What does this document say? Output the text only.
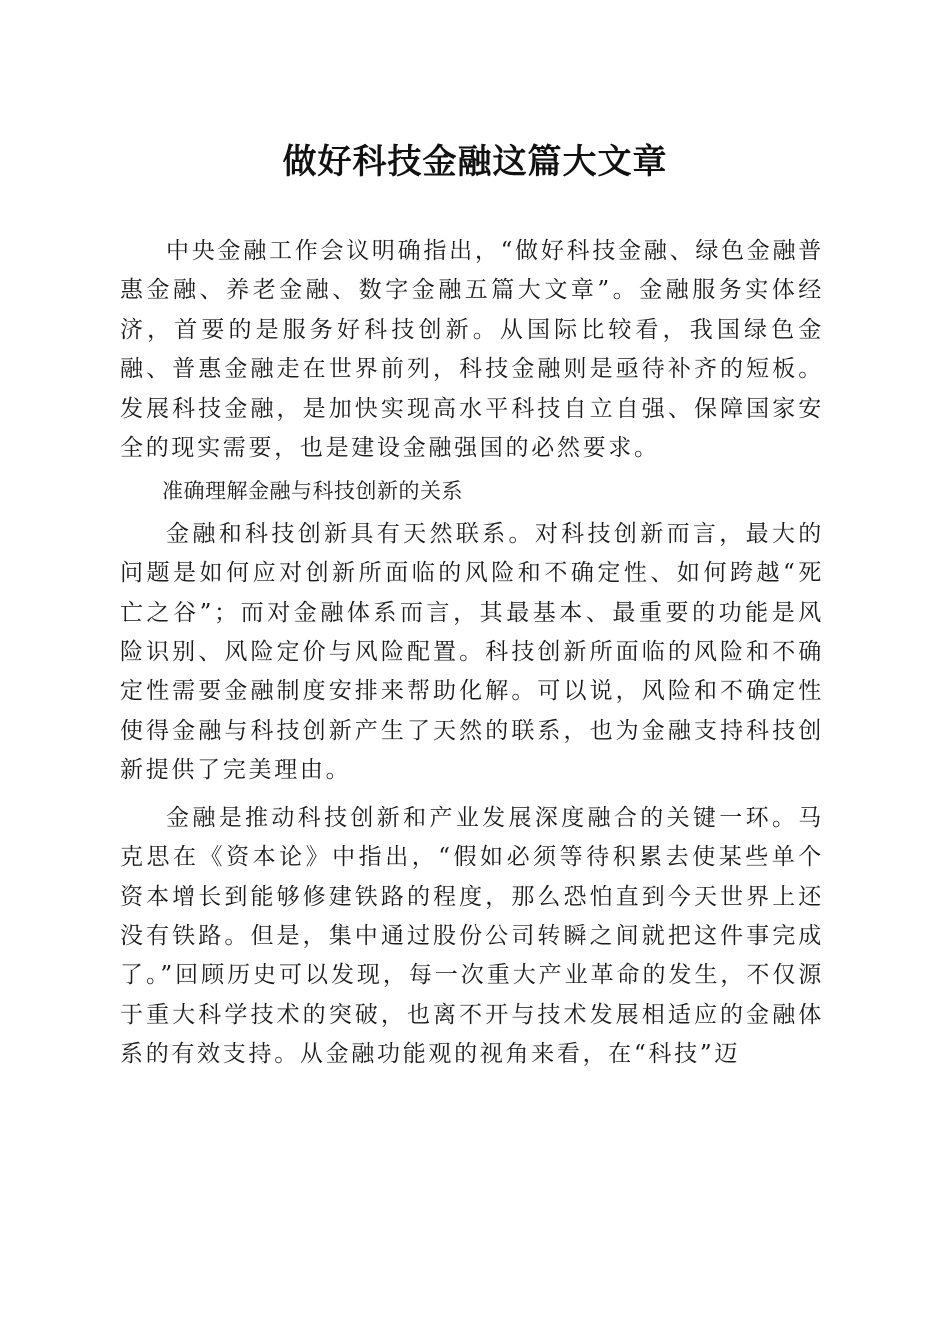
做好科技金融这篇大文章

中央金融工作会议明确指出，“做好科技金融、绿色金融普惠金融、养老金融、数字金融五篇大文章”。金融服务实体经济，首要的是服务好科技创新。从国际比较看，我国绿色金融、普惠金融走在世界前列，科技金融则是亟待补齐的短板。发展科技金融，是加快实现高水平科技自立自强、保障国家安全的现实需要，也是建设金融强国的必然要求。

准确理解金融与科技创新的关系

金融和科技创新具有天然联系。对科技创新而言，最大的问题是如何应对创新所面临的风险和不确定性、如何跨越“死亡之谷”；而对金融体系而言，其最基本、最重要的功能是风险识别、风险定价与风险配置。科技创新所面临的风险和不确定性需要金融制度安排来帮助化解。可以说，风险和不确定性使得金融与科技创新产生了天然的联系，也为金融支持科技创新提供了完美理由。

金融是推动科技创新和产业发展深度融合的关键一环。马克思在《资本论》中指出，“假如必须等待积累去使某些单个资本增长到能够修建铁路的程度，那么恐怕直到今天世界上还没有铁路。但是，集中通过股份公司转瞬之间就把这件事完成了。”回顾历史可以发现，每一次重大产业革命的发生，不仅源于重大科学技术的突破，也离不开与技术发展相适应的金融体系的有效支持。从金融功能观的视角来看，在“科技”迈
